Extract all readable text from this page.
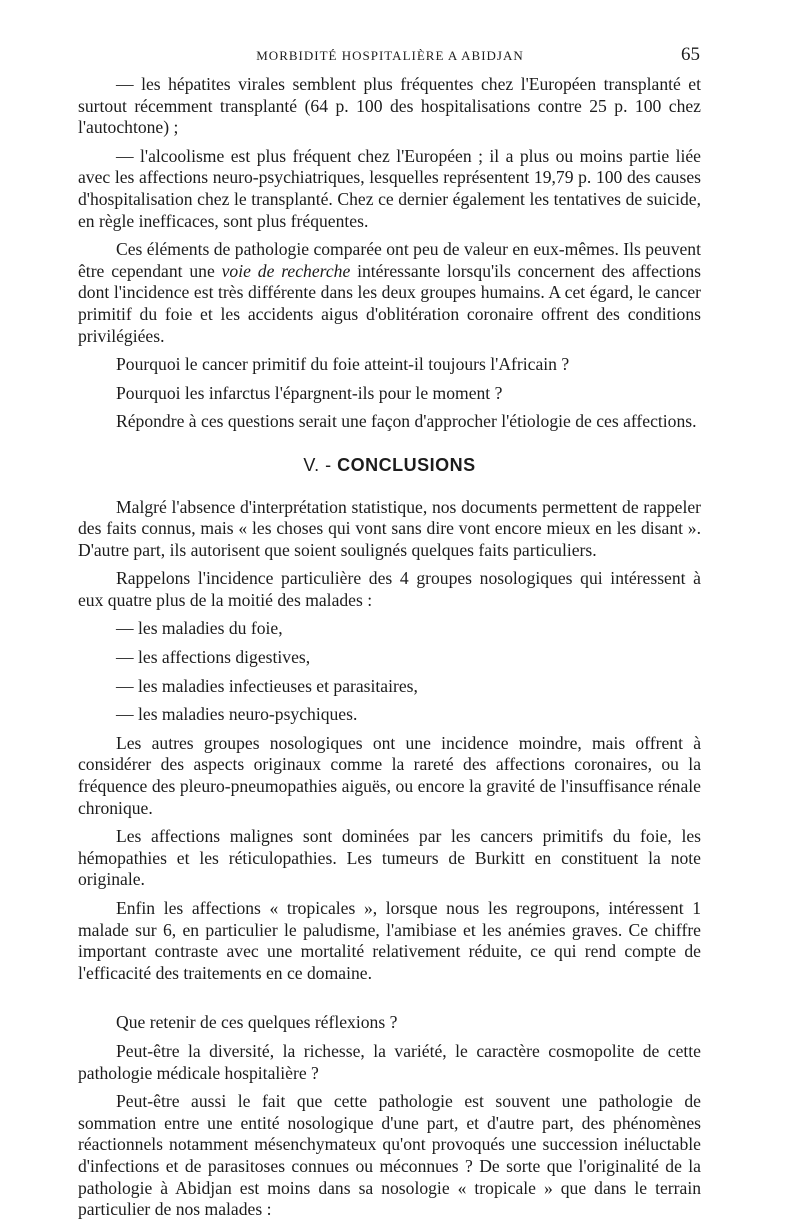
MORBIDITÉ HOSPITALIÈRE A ABIDJAN	65

— les hépatites virales semblent plus fréquentes chez l'Européen transplanté et surtout récemment transplanté (64 p. 100 des hospitalisations contre 25 p. 100 chez l'autochtone) ;

— l'alcoolisme est plus fréquent chez l'Européen ; il a plus ou moins partie liée avec les affections neuro-psychiatriques, lesquelles représentent 19,79 p. 100 des causes d'hospitalisation chez le transplanté. Chez ce dernier également les tentatives de suicide, en règle inefficaces, sont plus fréquentes.

Ces éléments de pathologie comparée ont peu de valeur en eux-mêmes. Ils peuvent être cependant une voie de recherche intéressante lorsqu'ils concernent des affections dont l'incidence est très différente dans les deux groupes humains. A cet égard, le cancer primitif du foie et les accidents aigus d'oblitération coronaire offrent des conditions privilégiées.

Pourquoi le cancer primitif du foie atteint-il toujours l'Africain ?

Pourquoi les infarctus l'épargnent-ils pour le moment ?

Répondre à ces questions serait une façon d'approcher l'étiologie de ces affections.

V. - CONCLUSIONS

Malgré l'absence d'interprétation statistique, nos documents permettent de rappeler des faits connus, mais « les choses qui vont sans dire vont encore mieux en les disant ». D'autre part, ils autorisent que soient soulignés quelques faits particuliers.

Rappelons l'incidence particulière des 4 groupes nosologiques qui intéressent à eux quatre plus de la moitié des malades :

— les maladies du foie,

— les affections digestives,

— les maladies infectieuses et parasitaires,

— les maladies neuro-psychiques.

Les autres groupes nosologiques ont une incidence moindre, mais offrent à considérer des aspects originaux comme la rareté des affections coronaires, ou la fréquence des pleuro-pneumopathies aiguës, ou encore la gravité de l'insuffisance rénale chronique.

Les affections malignes sont dominées par les cancers primitifs du foie, les hémopathies et les réticulopathies. Les tumeurs de Burkitt en constituent la note originale.

Enfin les affections « tropicales », lorsque nous les regroupons, intéressent 1 malade sur 6, en particulier le paludisme, l'amibiase et les anémies graves. Ce chiffre important contraste avec une mortalité relativement réduite, ce qui rend compte de l'efficacité des traitements en ce domaine.

Que retenir de ces quelques réflexions ?

Peut-être la diversité, la richesse, la variété, le caractère cosmopolite de cette pathologie médicale hospitalière ?

Peut-être aussi le fait que cette pathologie est souvent une pathologie de sommation entre une entité nosologique d'une part, et d'autre part, des phénomènes réactionnels notamment mésenchymateux qu'ont provoqués une succession inéluctable d'infections et de parasitoses connues ou méconnues ? De sorte que l'originalité de la pathologie à Abidjan est moins dans sa nosologie « tropicale » que dans le terrain particulier de nos malades :
